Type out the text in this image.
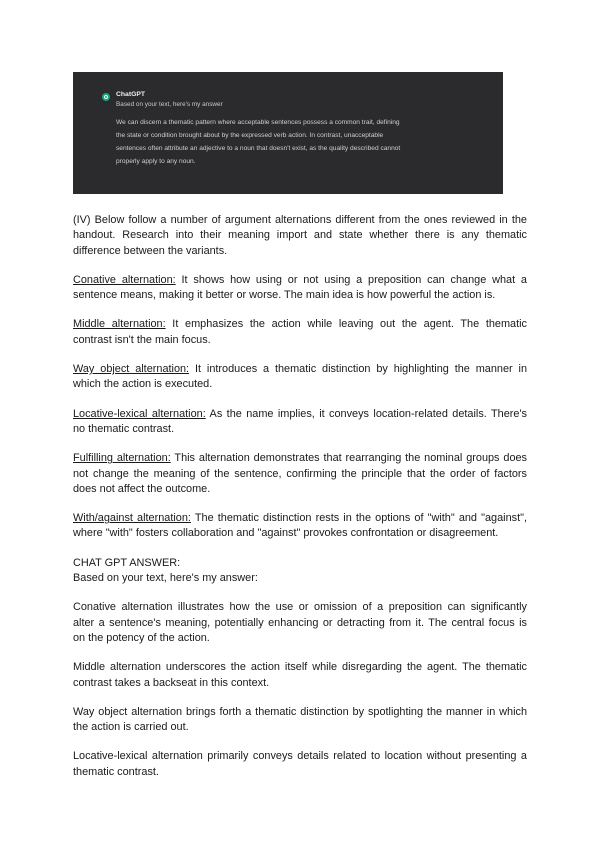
ChatGPT
Based on your text, here's my answer
We can discern a thematic pattern where acceptable sentences possess a common trait, defining
the state or condition brought about by the expressed verb action. In contrast, unacceptable
sentences often attribute an adjective to a noun that doesn't exist, as the quality described cannot
properly apply to any noun.
(IV) Below follow a number of argument alternations different from the ones reviewed in the
handout. Research into their meaning import and state whether there is any thematic
difference between the variants.
Conative alternation: It shows how using or not using a preposition can change what a
sentence means, making it better or worse. The main idea is how powerful the action is.
Middle alternation: It emphasizes the action while leaving out the agent. The thematic
contrast isn't the main focus.
Way object alternation: It introduces a thematic distinction by highlighting the manner in
which the action is executed.
Locative-lexical alternation: As the name implies, it conveys location-related details. There's
no thematic contrast.
Fulfilling alternation: This alternation demonstrates that rearranging the nominal groups does
not change the meaning of the sentence, confirming the principle that the order of factors
does not affect the outcome.
With/against alternation: The thematic distinction rests in the options of "with" and "against",
where "with" fosters collaboration and "against" provokes confrontation or disagreement.
CHAT GPT ANSWER:
Based on your text, here's my answer:
Conative alternation illustrates how the use or omission of a preposition can significantly
alter a sentence's meaning, potentially enhancing or detracting from it. The central focus is
on the potency of the action.
Middle alternation underscores the action itself while disregarding the agent. The thematic
contrast takes a backseat in this context.
Way object alternation brings forth a thematic distinction by spotlighting the manner in which
the action is carried out.
Locative-lexical alternation primarily conveys details related to location without presenting a
thematic contrast.
